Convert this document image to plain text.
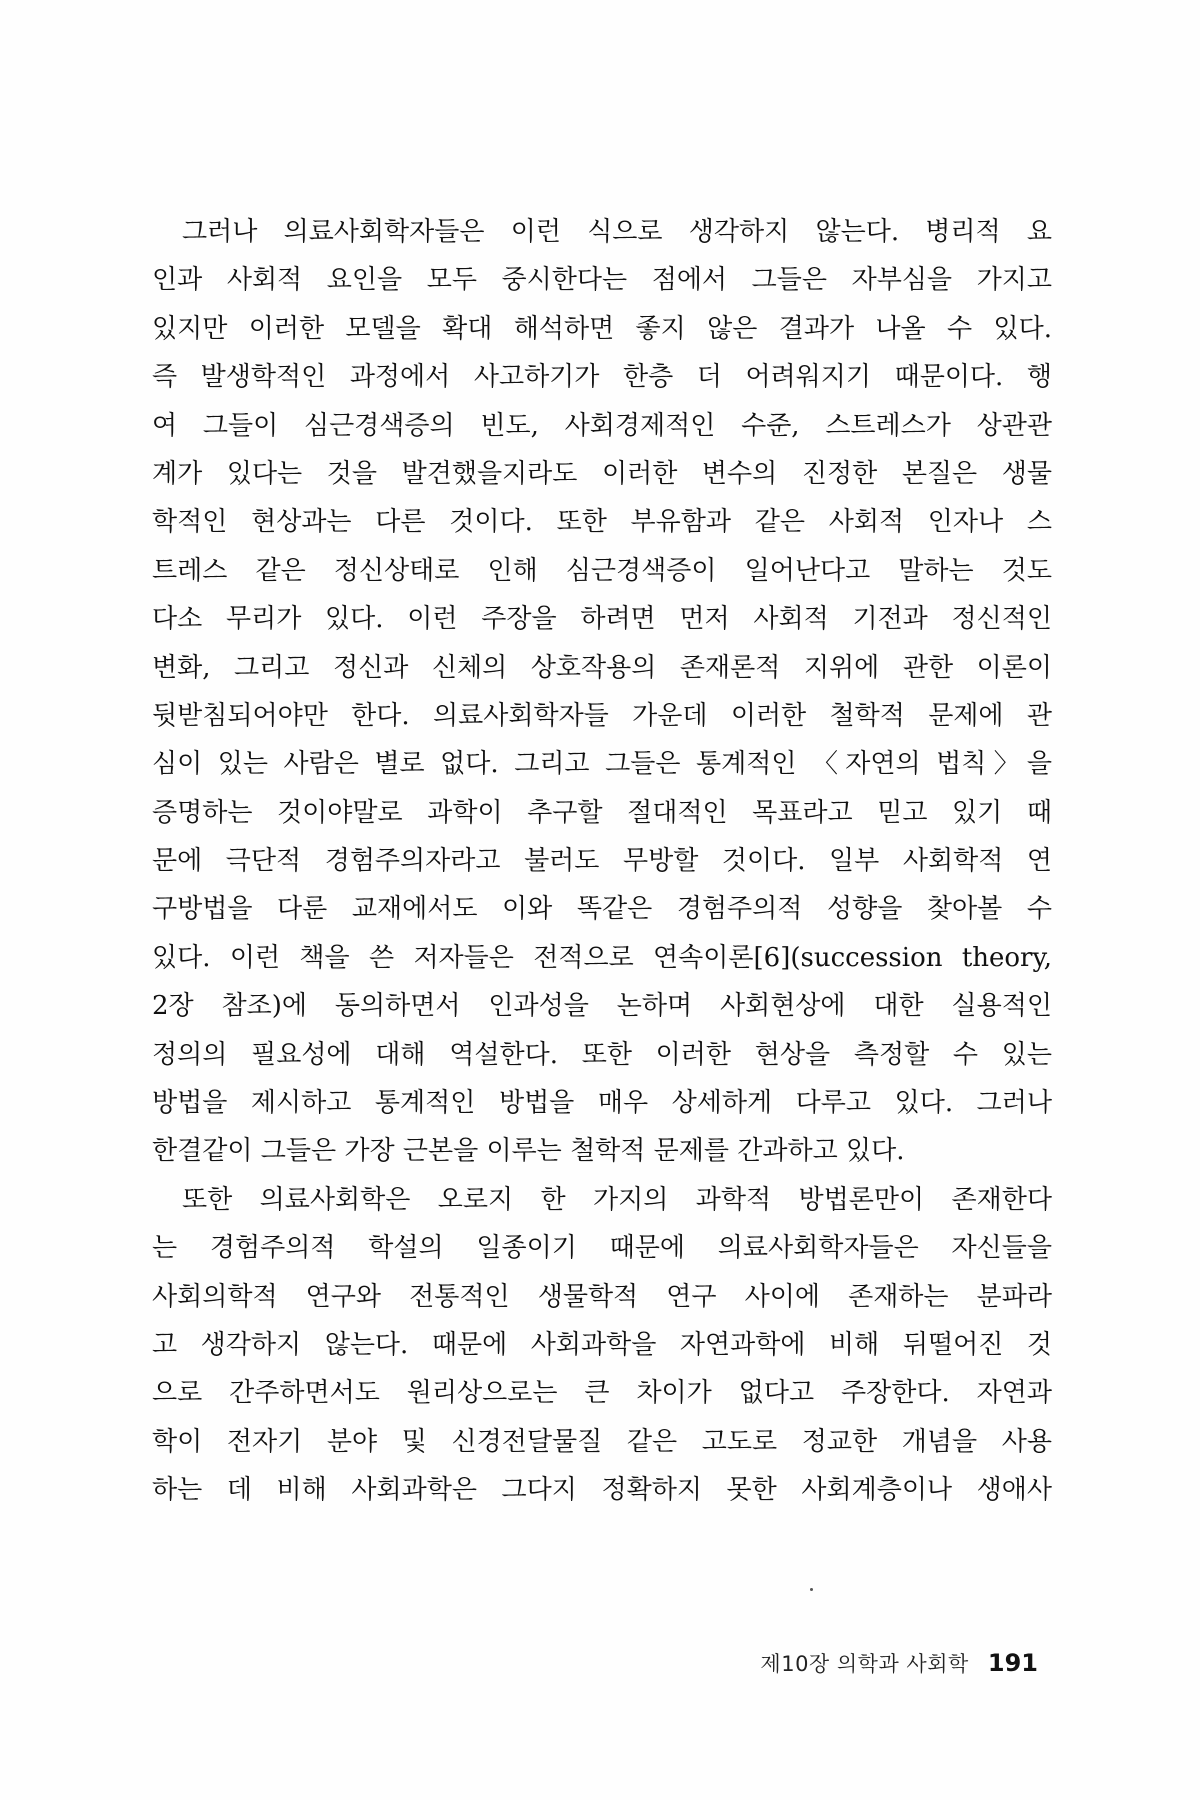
그러나 의료사회학자들은 이런 식으로 생각하지 않는다. 병리적 요
인과 사회적 요인을 모두 중시한다는 점에서 그들은 자부심을 가지고
있지만 이러한 모델을 확대 해석하면 좋지 않은 결과가 나올 수 있다.
즉 발생학적인 과정에서 사고하기가 한층 더 어려워지기 때문이다. 행
여 그들이 심근경색증의 빈도, 사회경제적인 수준, 스트레스가 상관관
계가 있다는 것을 발견했을지라도 이러한 변수의 진정한 본질은 생물
학적인 현상과는 다른 것이다. 또한 부유함과 같은 사회적 인자나 스
트레스 같은 정신상태로 인해 심근경색증이 일어난다고 말하는 것도
다소 무리가 있다. 이런 주장을 하려면 먼저 사회적 기전과 정신적인
변화, 그리고 정신과 신체의 상호작용의 존재론적 지위에 관한 이론이
뒷받침되어야만 한다. 의료사회학자들 가운데 이러한 철학적 문제에 관
심이 있는 사람은 별로 없다. 그리고 그들은 통계적인 〈자연의 법칙〉을
증명하는 것이야말로 과학이 추구할 절대적인 목표라고 믿고 있기 때
문에 극단적 경험주의자라고 불러도 무방할 것이다. 일부 사회학적 연
구방법을 다룬 교재에서도 이와 똑같은 경험주의적 성향을 찾아볼 수
있다. 이런 책을 쓴 저자들은 전적으로 연속이론[6](succession theory,
2장 참조)에 동의하면서 인과성을 논하며 사회현상에 대한 실용적인
정의의 필요성에 대해 역설한다. 또한 이러한 현상을 측정할 수 있는
방법을 제시하고 통계적인 방법을 매우 상세하게 다루고 있다. 그러나
한결같이 그들은 가장 근본을 이루는 철학적 문제를 간과하고 있다.
또한 의료사회학은 오로지 한 가지의 과학적 방법론만이 존재한다
는 경험주의적 학설의 일종이기 때문에 의료사회학자들은 자신들을
사회의학적 연구와 전통적인 생물학적 연구 사이에 존재하는 분파라
고 생각하지 않는다. 때문에 사회과학을 자연과학에 비해 뒤떨어진 것
으로 간주하면서도 원리상으로는 큰 차이가 없다고 주장한다. 자연과
학이 전자기 분야 및 신경전달물질 같은 고도로 정교한 개념을 사용
하는 데 비해 사회과학은 그다지 정확하지 못한 사회계층이나 생애사
제10장 의학과 사회학 191
